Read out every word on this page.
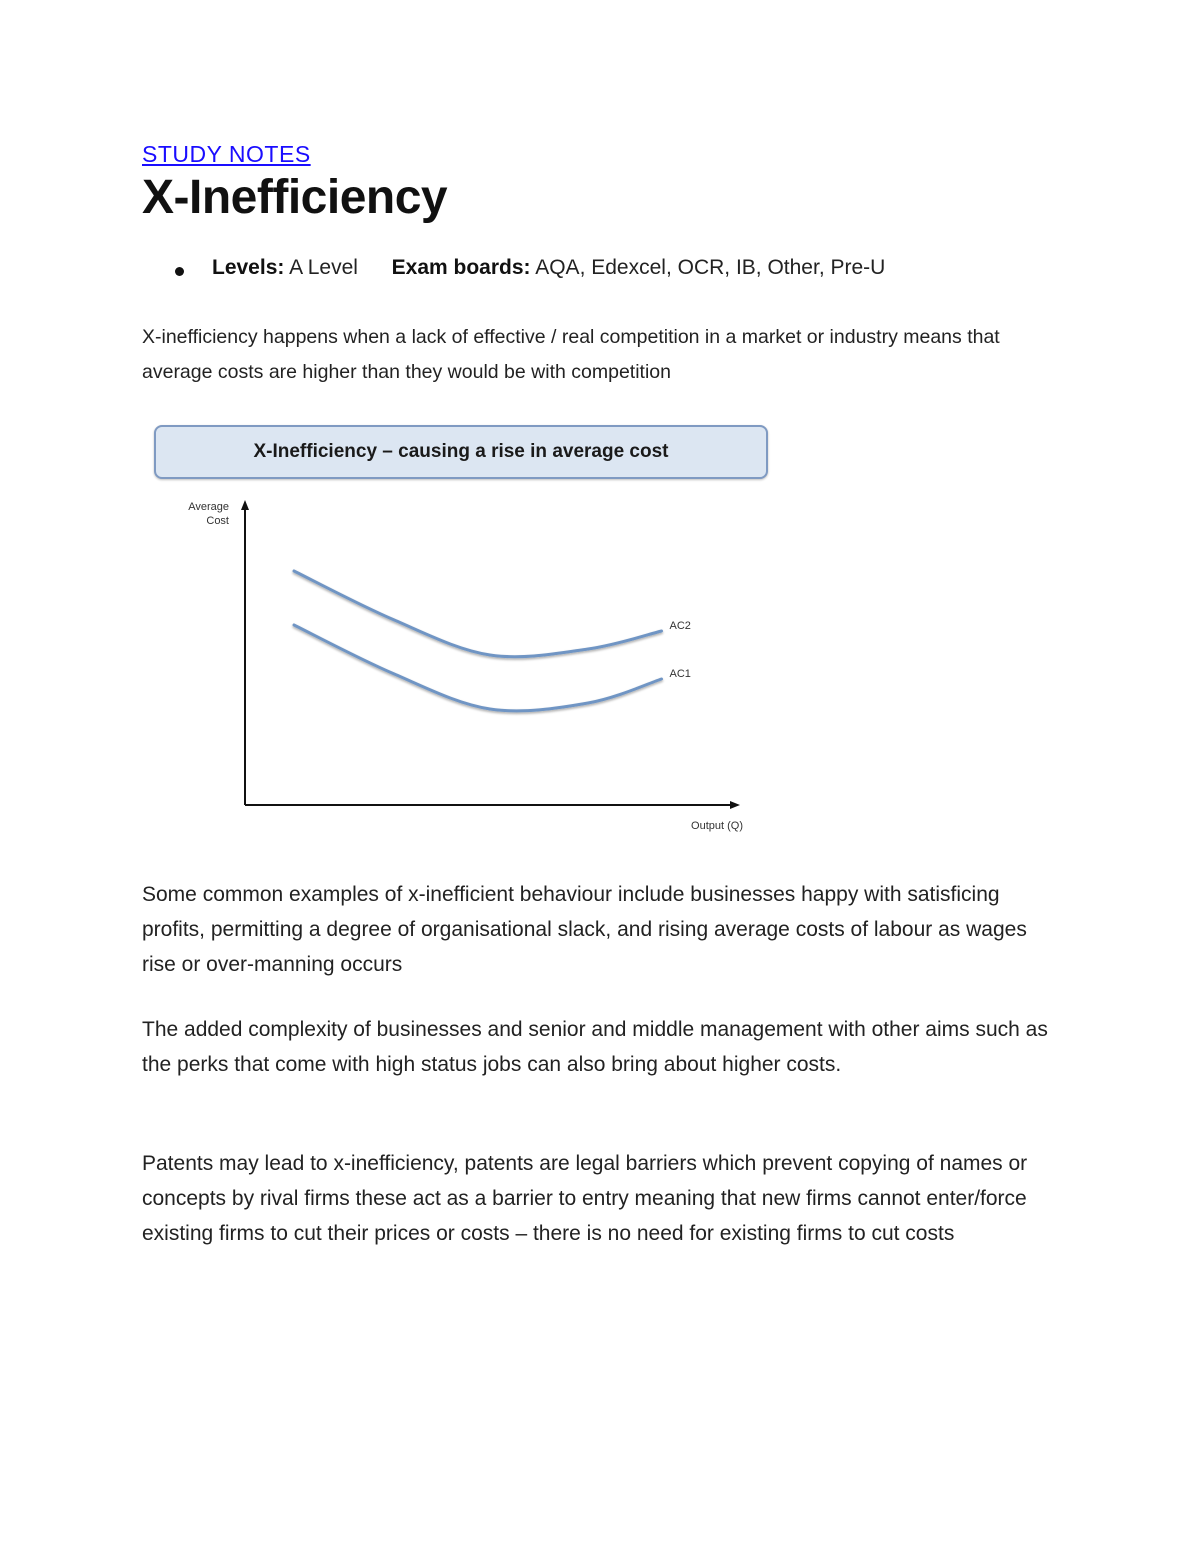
STUDY NOTES
X-Inefficiency
Levels: A Level Exam boards: AQA, Edexcel, OCR, IB, Other, Pre-U

X-inefficiency happens when a lack of effective / real competition in a market or industry means that average costs are higher than they would be with competition

Some common examples of x-inefficient behaviour include businesses happy with satisficing profits, permitting a degree of organisational slack, and rising average costs of labour as wages rise or over-manning occurs

The added complexity of businesses and senior and middle management with other aims such as the perks that come with high status jobs can also bring about higher costs.

Patents may lead to x-inefficiency, patents are legal barriers which prevent copying of names or concepts by rival firms these act as a barrier to entry meaning that new firms cannot enter/force existing firms to cut their prices or costs – there is no need for existing firms to cut costs

X-Inefficiency – causing a rise in average cost
Average
Cost
Output (Q)
AC2
AC1
